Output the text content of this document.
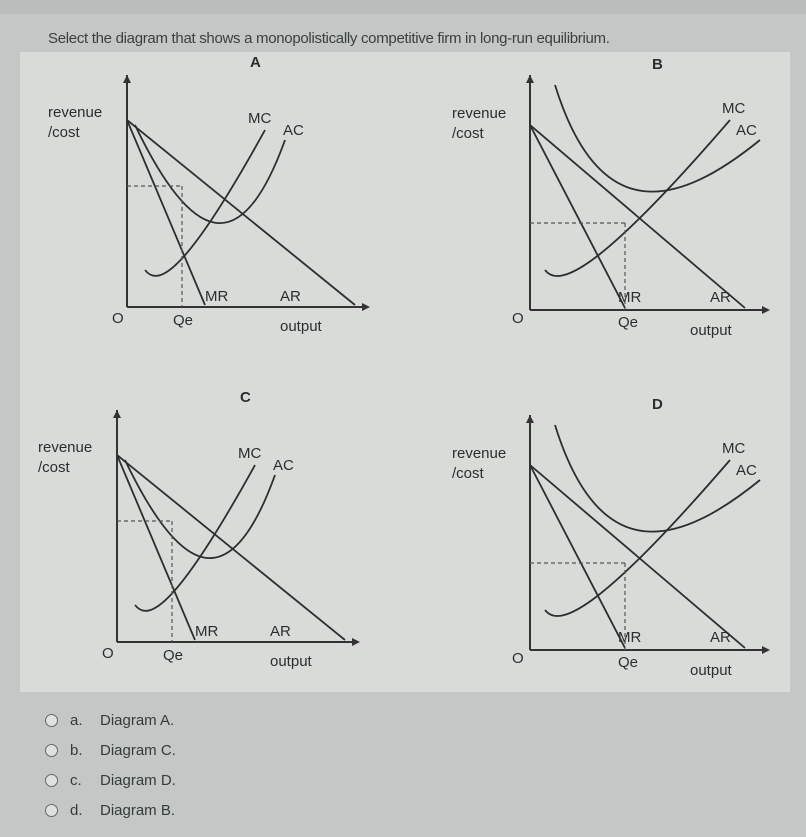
Select the diagram that shows a monopolistically competitive firm in long-run equilibrium.
A
revenue
/cost
MC
AC
MR	AR
O	Qe	output
B
revenue
/cost
MC
AC
MR	AR
O	Qe	output
C
revenue
/cost
MC
AC
MR	AR
O	Qe	output
D
revenue
/cost
MC
AC
MR	AR
O	Qe	output
a.	Diagram A.
b.	Diagram C.
c.	Diagram D.
d.	Diagram B.
